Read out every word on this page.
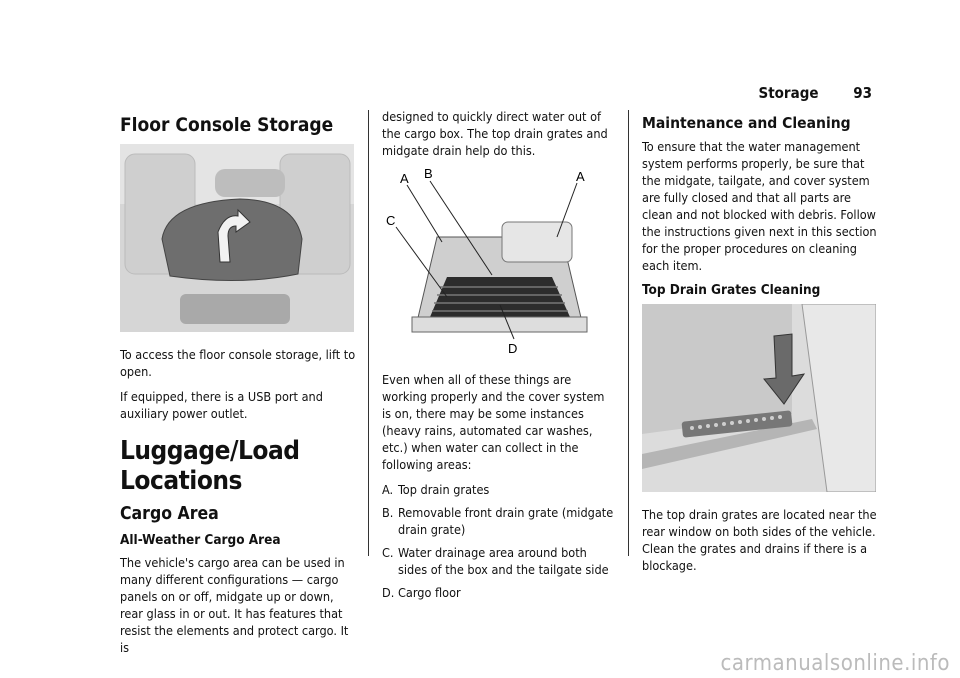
Storage 93
Floor Console Storage

To access the floor console storage, lift to open.

If equipped, there is a USB port and auxiliary power outlet.

Luggage/Load Locations
Cargo Area
All-Weather Cargo Area

The vehicle's cargo area can be used in many different configurations — cargo panels on or off, midgate up or down, rear glass in or out. It has features that resist the elements and protect cargo. It is

designed to quickly direct water out of the cargo box. The top drain grates and midgate drain help do this.

A B	A
C
D

Even when all of these things are working properly and the cover system is on, there may be some instances (heavy rains, automated car washes, etc.) when water can collect in the following areas:

A. Top drain grates

B. Removable front drain grate (midgate drain grate)

C. Water drainage area around both sides of the box and the tailgate side

D. Cargo floor

Maintenance and Cleaning

To ensure that the water management system performs properly, be sure that the midgate, tailgate, and cover system are fully closed and that all parts are clean and not blocked with debris. Follow the instructions given next in this section for the proper procedures on cleaning each item.

Top Drain Grates Cleaning

The top drain grates are located near the rear window on both sides of the vehicle. Clean the grates and drains if there is a blockage.

carmanualsonline.info
